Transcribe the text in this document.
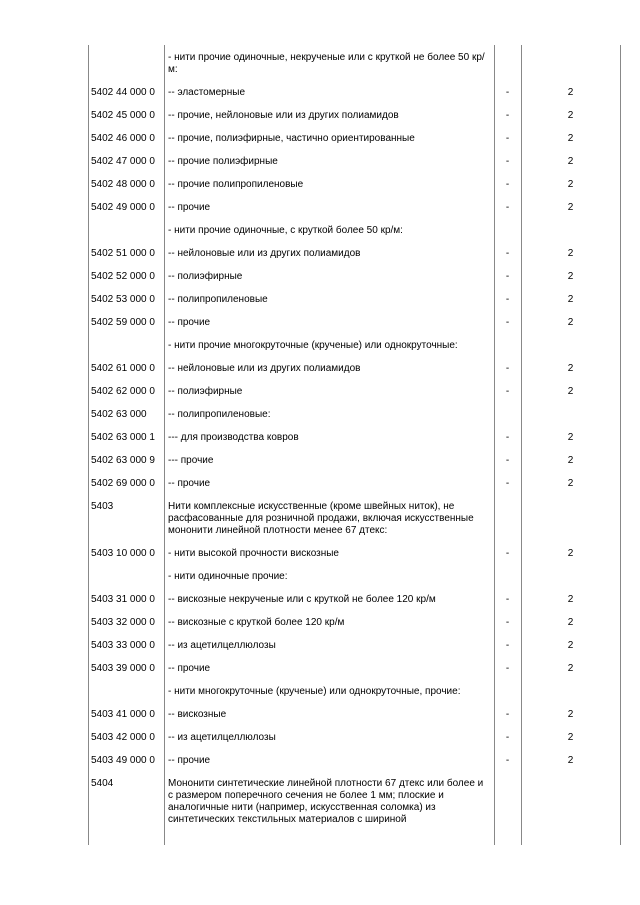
- нити прочие одиночные, некрученые или с круткой не более 50 кр/м:
5402 44 000 0 -- эластомерные	-	2
5402 45 000 0 -- прочие, нейлоновые или из других полиамидов	-	2
5402 46 000 0 -- прочие, полиэфирные, частично ориентированные	-	2
5402 47 000 0 -- прочие полиэфирные	-	2
5402 48 000 0 -- прочие полипропиленовые	-	2
5402 49 000 0 -- прочие	-	2
- нити прочие одиночные, с круткой более 50 кр/м:
5402 51 000 0 -- нейлоновые или из других полиамидов	-	2
5402 52 000 0 -- полиэфирные	-	2
5402 53 000 0 -- полипропиленовые	-	2
5402 59 000 0 -- прочие	-	2
- нити прочие многокруточные (крученые) или однокруточные:
5402 61 000 0 -- нейлоновые или из других полиамидов	-	2
5402 62 000 0 -- полиэфирные	-	2
5402 63 000 -- полипропиленовые:
5402 63 000 1 --- для производства ковров	-	2
5402 63 000 9 --- прочие	-	2
5402 69 000 0 -- прочие	-	2
5403	Нити комплексные искусственные (кроме швейных ниток), не расфасованные для розничной продажи, включая искусственные мононити линейной плотности менее 67 дтекс:
5403 10 000 0 - нити высокой прочности вискозные	-	2
- нити одиночные прочие:
5403 31 000 0 -- вискозные некрученые или с круткой не более 120 кр/м	-	2
5403 32 000 0 -- вискозные с круткой более 120 кр/м	-	2
5403 33 000 0 -- из ацетилцеллюлозы	-	2
5403 39 000 0 -- прочие	-	2
- нити многокруточные (крученые) или однокруточные, прочие:
5403 41 000 0 -- вискозные	-	2
5403 42 000 0 -- из ацетилцеллюлозы	-	2
5403 49 000 0 -- прочие	-	2
5404	Мононити синтетические линейной плотности 67 дтекс или более и с размером поперечного сечения не более 1 мм; плоские и аналогичные нити (например, искусственная соломка) из синтетических текстильных материалов с шириной
